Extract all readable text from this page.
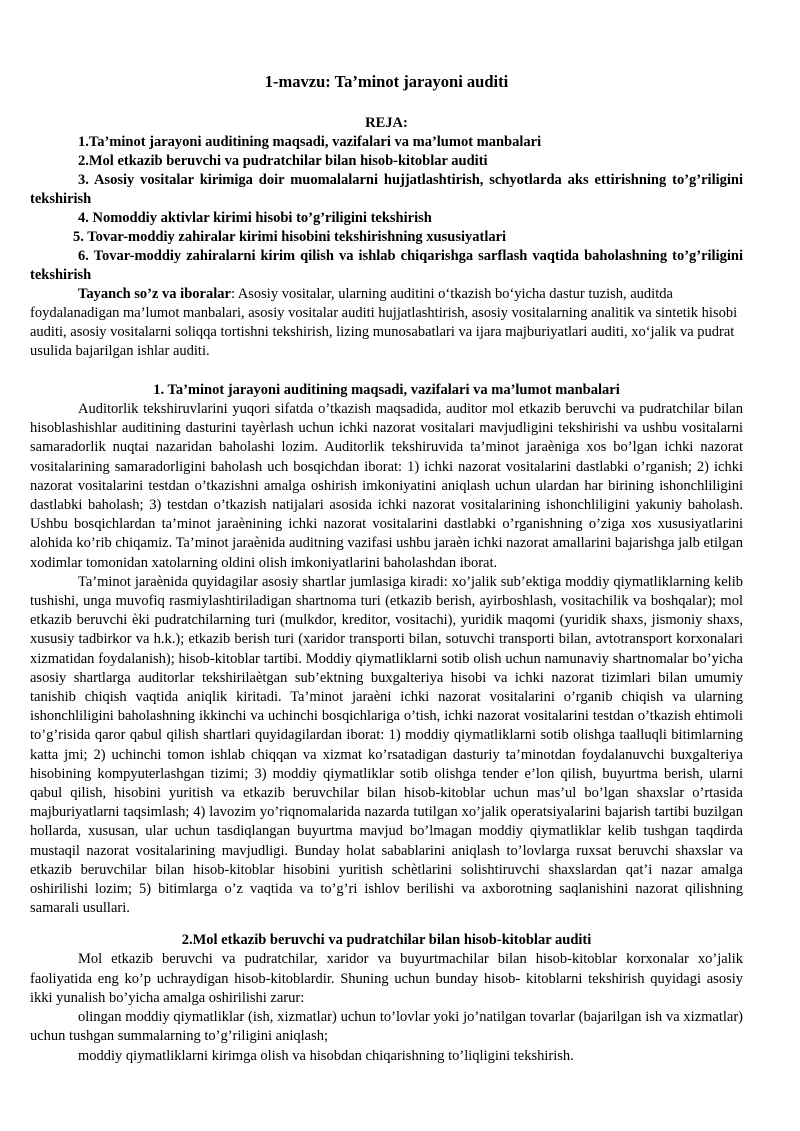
1-mavzu: Ta’minot jarayoni auditi

REJA:

1.Ta’minot jarayoni auditining maqsadi, vazifalari va ma’lumot manbalari

2.Mol etkazib beruvchi va pudratchilar bilan hisob-kitoblar auditi

3. Asosiy vositalar kirimiga doir muomalalarni hujjatlashtirish, schyotlarda aks ettirishning to’g’riligini tekshirish

4. Nomoddiy aktivlar kirimi hisobi to’g’riligini tekshirish

5. Tovar-moddiy zahiralar kirimi hisobini tekshirishning xususiyatlari

6. Tovar-moddiy zahiralarni kirim qilish va ishlab chiqarishga sarflash vaqtida baholashning to’g’riligini tekshirish

Tayanch so’z va iboralar: Asosiy vositalar, ularning auditini o‘tkazish bo‘yicha dastur tuzish, auditda foydalanadigan ma’lumot manbalari, asosiy vositalar auditi hujjatlashtirish, asosiy vositalarning analitik va sintetik hisobi auditi, asosiy vositalarni soliqqa tortishni tekshirish, lizing munosabatlari va ijara majburiyatlari auditi, xo‘jalik va pudrat usulida bajarilgan ishlar auditi.

1. Ta’minot jarayoni auditining maqsadi, vazifalari va ma’lumot manbalari

Auditorlik tekshiruvlarini yuqori sifatda o’tkazish maqsadida, auditor mol etkazib beruvchi va pudratchilar bilan hisoblashishlar auditining dasturini tayèrlash uchun ichki nazorat vositalari mavjudligini tekshirishi va ushbu vositalarni samaradorlik nuqtai nazaridan baholashi lozim. Auditorlik tekshiruvida ta’minot jaraèniga xos bo’lgan ichki nazorat vositalarining samaradorligini baholash uch bosqichdan iborat: 1) ichki nazorat vositalarini dastlabki o’rganish; 2) ichki nazorat vositalarini testdan o’tkazishni amalga oshirish imkoniyatini aniqlash uchun ulardan har birining ishonchliligini dastlabki baholash; 3) testdan o’tkazish natijalari asosida ichki nazorat vositalarining ishonchliligini yakuniy baholash. Ushbu bosqichlardan ta’minot jaraènining ichki nazorat vositalarini dastlabki o’rganishning o’ziga xos xususiyatlarini alohida ko’rib chiqamiz. Ta’minot jaraènida auditning vazifasi ushbu jaraèn ichki nazorat amallarini bajarishga jalb etilgan xodimlar tomonidan xatolarning oldini olish imkoniyatlarini baholashdan iborat.

Ta’minot jaraènida quyidagilar asosiy shartlar jumlasiga kiradi: xo’jalik sub’ektiga moddiy qiymatliklarning kelib tushishi, unga muvofiq rasmiylashtiriladigan shartnoma turi (etkazib berish, ayirboshlash, vositachilik va boshqalar); mol etkazib beruvchi èki pudratchilarning turi (mulkdor, kreditor, vositachi), yuridik maqomi (yuridik shaxs, jismoniy shaxs, xususiy tadbirkor va h.k.); etkazib berish turi (xaridor transporti bilan, sotuvchi transporti bilan, avtotransport korxonalari xizmatidan foydalanish); hisob-kitoblar tartibi. Moddiy qiymatliklarni sotib olish uchun namunaviy shartnomalar bo’yicha asosiy shartlarga auditorlar tekshirilaètgan sub’ektning buxgalteriya hisobi va ichki nazorat tizimlari bilan umumiy tanishib chiqish vaqtida aniqlik kiritadi. Ta’minot jaraèni ichki nazorat vositalarini o’rganib chiqish va ularning ishonchliligini baholashning ikkinchi va uchinchi bosqichlariga o’tish, ichki nazorat vositalarini testdan o’tkazish ehtimoli to’g’risida qaror qabul qilish shartlari quyidagilardan iborat: 1) moddiy qiymatliklarni sotib olishga taalluqli bitimlarning katta jmi; 2) uchinchi tomon ishlab chiqqan va xizmat ko’rsatadigan dasturiy ta’minotdan foydalanuvchi buxgalteriya hisobining kompyuterlashgan tizimi; 3) moddiy qiymatliklar sotib olishga tender e’lon qilish, buyurtma berish, ularni qabul qilish, hisobini yuritish va etkazib beruvchilar bilan hisob-kitoblar uchun mas’ul bo’lgan shaxslar o’rtasida majburiyatlarni taqsimlash; 4) lavozim yo’riqnomalarida nazarda tutilgan xo’jalik operatsiyalarini bajarish tartibi buzilgan hollarda, xususan, ular uchun tasdiqlangan buyurtma mavjud bo’lmagan moddiy qiymatliklar kelib tushgan taqdirda mustaqil nazorat vositalarining mavjudligi. Bunday holat sabablarini aniqlash to’lovlarga ruxsat beruvchi shaxslar va etkazib beruvchilar bilan hisob-kitoblar hisobini yuritish schètlarini solishtiruvchi shaxslardan qat’i nazar amalga oshirilishi lozim; 5) bitimlarga o’z vaqtida va to’g’ri ishlov berilishi va axborotning saqlanishini nazorat qilishning samarali usullari.

2.Mol etkazib beruvchi va pudratchilar bilan hisob-kitoblar auditi

Mol etkazib beruvchi va pudratchilar, xaridor va buyurtmachilar bilan hisob-kitoblar korxonalar xo’jalik faoliyatida eng ko’p uchraydigan hisob-kitoblardir. Shuning uchun bunday hisob- kitoblarni tekshirish quyidagi asosiy ikki yunalish bo’yicha amalga oshirilishi zarur:

olingan moddiy qiymatliklar (ish, xizmatlar) uchun to’lovlar yoki jo’natilgan tovarlar (bajarilgan ish va xizmatlar) uchun tushgan summalarning to’g’riligini aniqlash;

moddiy qiymatliklarni kirimga olish va hisobdan chiqarishning to’liqligini tekshirish.
